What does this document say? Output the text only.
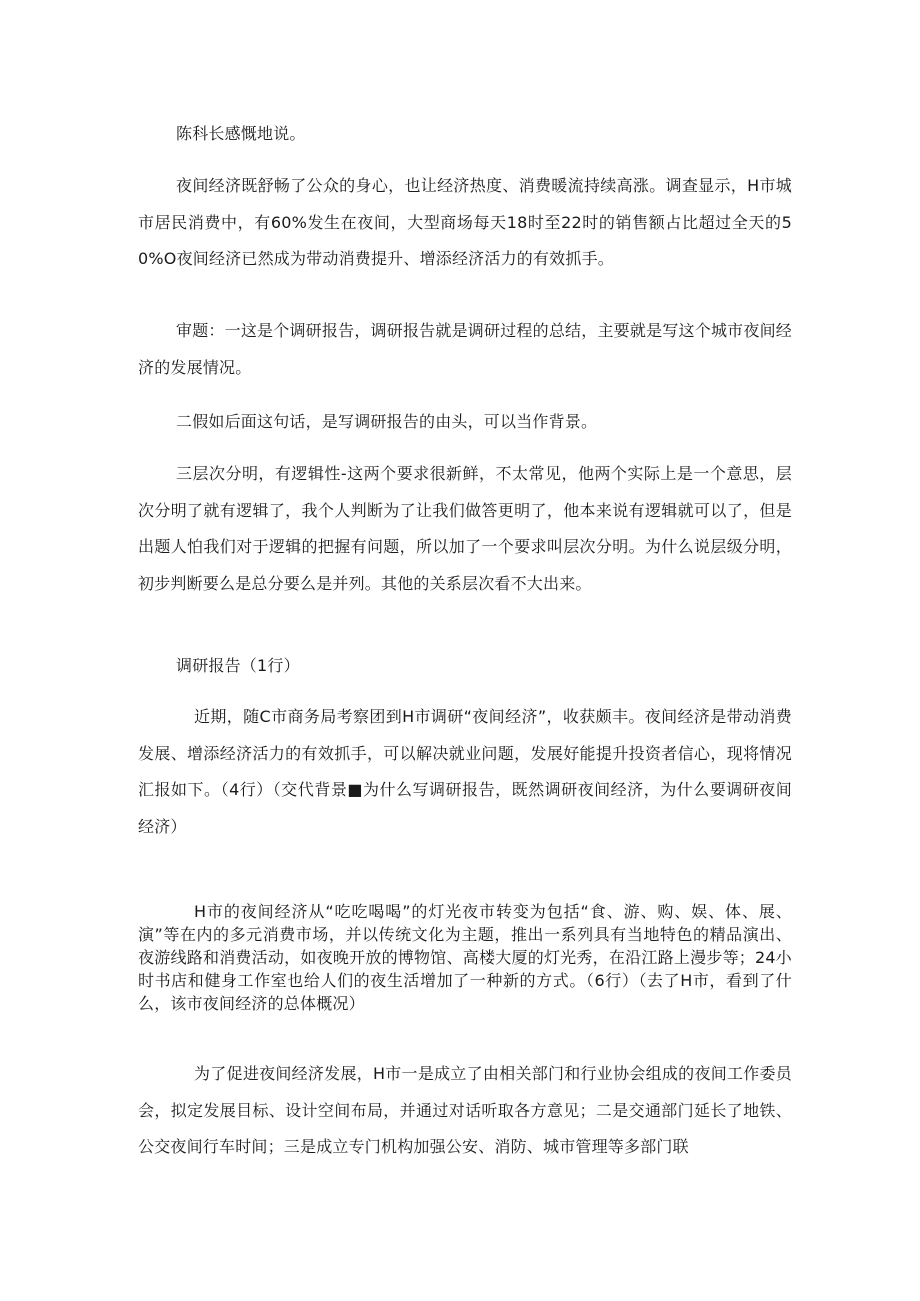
陈科长感慨地说。

夜间经济既舒畅了公众的身心，也让经济热度、消费暖流持续高涨。调查显示，H市城市居民消费中，有60%发生在夜间，大型商场每天18时至22时的销售额占比超过全天的50%O夜间经济已然成为带动消费提升、增添经济活力的有效抓手。

审题：一这是个调研报告，调研报告就是调研过程的总结，主要就是写这个城市夜间经济的发展情况。

二假如后面这句话，是写调研报告的由头，可以当作背景。

三层次分明，有逻辑性-这两个要求很新鲜，不太常见，他两个实际上是一个意思，层次分明了就有逻辑了，我个人判断为了让我们做答更明了，他本来说有逻辑就可以了，但是出题人怕我们对于逻辑的把握有问题，所以加了一个要求叫层次分明。为什么说层级分明，初步判断要么是总分要么是并列。其他的关系层次看不大出来。

调研报告（1行）

近期，随C市商务局考察团到H市调研“夜间经济”，收获颇丰。夜间经济是带动消费发展、增添经济活力的有效抓手，可以解决就业问题，发展好能提升投资者信心，现将情况汇报如下。（4行）（交代背景■为什么写调研报告，既然调研夜间经济，为什么要调研夜间经济）

H市的夜间经济从“吃吃喝喝”的灯光夜市转变为包括“食、游、购、娱、体、展、演”等在内的多元消费市场，并以传统文化为主题，推出一系列具有当地特色的精品演出、夜游线路和消费活动，如夜晚开放的博物馆、高楼大厦的灯光秀，在沿江路上漫步等；24小时书店和健身工作室也给人们的夜生活增加了一种新的方式。（6行）（去了H市，看到了什么，该市夜间经济的总体概况）

为了促进夜间经济发展，H市一是成立了由相关部门和行业协会组成的夜间工作委员会，拟定发展目标、设计空间布局，并通过对话听取各方意见；二是交通部门延长了地铁、公交夜间行车时间；三是成立专门机构加强公安、消防、城市管理等多部门联
